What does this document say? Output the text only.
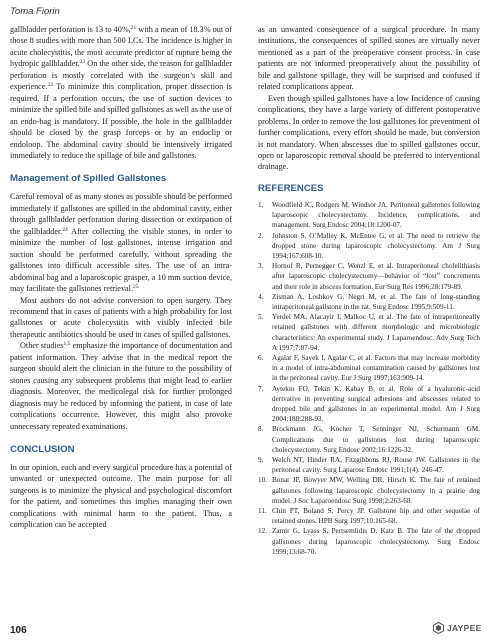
Toma Fiorin

gallbladder perforation is 13 to 40%,$^{21}$ with a mean of 18.3% out of those 8 studies with more than 500 LCs. The incidence is higher in acute cholecystitis, the most accurate predictor of rupture being the hydropic gallbladder.$^{23}$ On the other side, the reason for gallbladder perforation is mostly correlated with the surgeon’s skill and experience.$^{22}$ To minimize this complication, proper dissection is required. If a perforation occurs, the use of suction devices to minimize the spilled bile and spilled gallstones as well as the use of an endo-bag is mandatory. If possible, the hole in the gallbladder should be closed by the grasp forceps or by an endoclip or endoloop. The abdominal cavity should be intensively irrigated immediately to reduce the spillage of bile and gallstones.

Management of Spilled Gallstones

Careful removal of as many stones as possible should be performed immediately if gallstones are spilled in the abdominal cavity, either through gallbladder perforation during dissection or extirpation of the gallbladder.$^{24}$ After collecting the visible stones, in order to minimize the number of lost gallstones, intense irrigation and suction should be performed carefully, without spreading the gallstones into difficult accessible sites. The use of an intra-abdominal bag and a laparoscopic grasper, a 10 mm suction device, may facilitate the gallstones retrieval.$^{25}$

Most authors do not advise conversion to open surgery. They recommend that in cases of patients with a high probability for lost gallstones or acute cholecystitis with visibly infected bile therapeutic antibiotics should be used in cases of spilled gallstones.

Other studies$^{1,5}$ emphasize the importance of documentation and patient information. They advise that in the medical report the surgeon should alert the clinician in the future to the possibility of stones causing any subsequent problems that might lead to earlier diagnosis. Moreover, the medicolegal risk for further prolonged diagnosis may be reduced by informing the patient, in case of late complications occurrence. However, this might also provoke unnecessary repeated examinations.

CONCLUSION

In our opinion, each and every surgical procedure has a potential of unwanted or unexpected outcome. The main purpose for all surgeons is to minimize the physical and psychological discomfort for the patient, and sometimes this implies managing their own complications with minimal harm to the patient. Thus, a complication can be accepted

as an unwanted consequence of a surgical procedure. In many institutions, the consequences of spilled stones are virtually never mentioned as a part of the preoperative consent process. In case patients are not informed preoperatively about the possibility of bile and gallstone spillage, they will be surprised and confused if related complications appear.

Even though spilled gallstones have a low Incidence of causing complications, they have a large variety of different postoperative problems. In order to remove the lost gallstones for preventment of further complications, every effort should be made, but conversion is not mandatory. When abscesses due to spilled gallstones occur, open or laparoscopic removal should be preferred to interventional drainage.

REFERENCES
1. Woodfield JC, Rodgers M, Windsor JA. Peritoneal gallstones following laparoscopic cholecystectomy. Incidence, complications, and management. Surg Endosc 2004;18:1200-07.
2. Johnston S, O’Malley K, McEntee G, et al. The need to retrieve the dropped stone during laparoscopic cholecystectomy. Am J Surg 1994;167:608-10.
3. Hornof R, Pernegger C, Wenzl E, et al. Intraperitoneal cholelithiasis after laparoscopic cholecystectomy—behavior of “lost” concrements and their role in abscess formation. Eur Surg Res 1996;28:179-89.
4. Zisman A, Loshkov G, Negri M, et al. The fate of long-standing intraperitoneal gallstone in the rat. Surg Endosc 1995;9:509-11.
5. Yerdel MA, Alacayir I, Malkoc U, et al. The fate of intraperitoneally retained gallstones with different morphologic and microbiologic characteristics: An experimental study. J Laparoendosc. Adv Surg Tech A 1997;7:87-94.
6. Agalar F, Sayek I, Agalar C, et al. Factors that may increase morbidity in a model of intra-abdominal contamination caused by gallstones lost in the peritoneal cavity. Eur J Surg 1997;163:909-14.
7. Aytekin FO, Tekin K, Kabay B, et al. Role of a hyaluronic-acid derivative in preventing surgical adhesions and abscesses related to dropped bile and gallstones in an experimental model. Am J Surg 2004;188:288-93.
8. Brockmann JG, Kocher T, Senninger NJ, Schurmann GM. Complications due to gallstones lost during laparoscopic cholecystectomy. Surg Endosc 2002;16:1226-32.
9. Welch NT, Hinder RA, Fitzgibbons RJ, Rouse JW. Gallstones in the peritoneal cavity. Surg Laparosc Endosc 1991;1(4): 246-47.
10. Bonar JP, Bowyer MW, Welling DR, Hirsch K. The fate of retained gallstones following laparoscopic cholecystectomy in a prairie dog model. J Soc Laparoendosc Surg 1998;2:263-68.
11. Chin PT, Boland S, Percy JP. Gallstone hip and other sequelae of retained stones. HPB Surg 1997;10:165-68.
12. Zamir G, Lyass S, Pertsemlidis D, Katz B. The fate of the dropped gallstones during laparoscopic cholecystectomy. Surg Endosc 1999;13:68-70.

106	JAYPEE
